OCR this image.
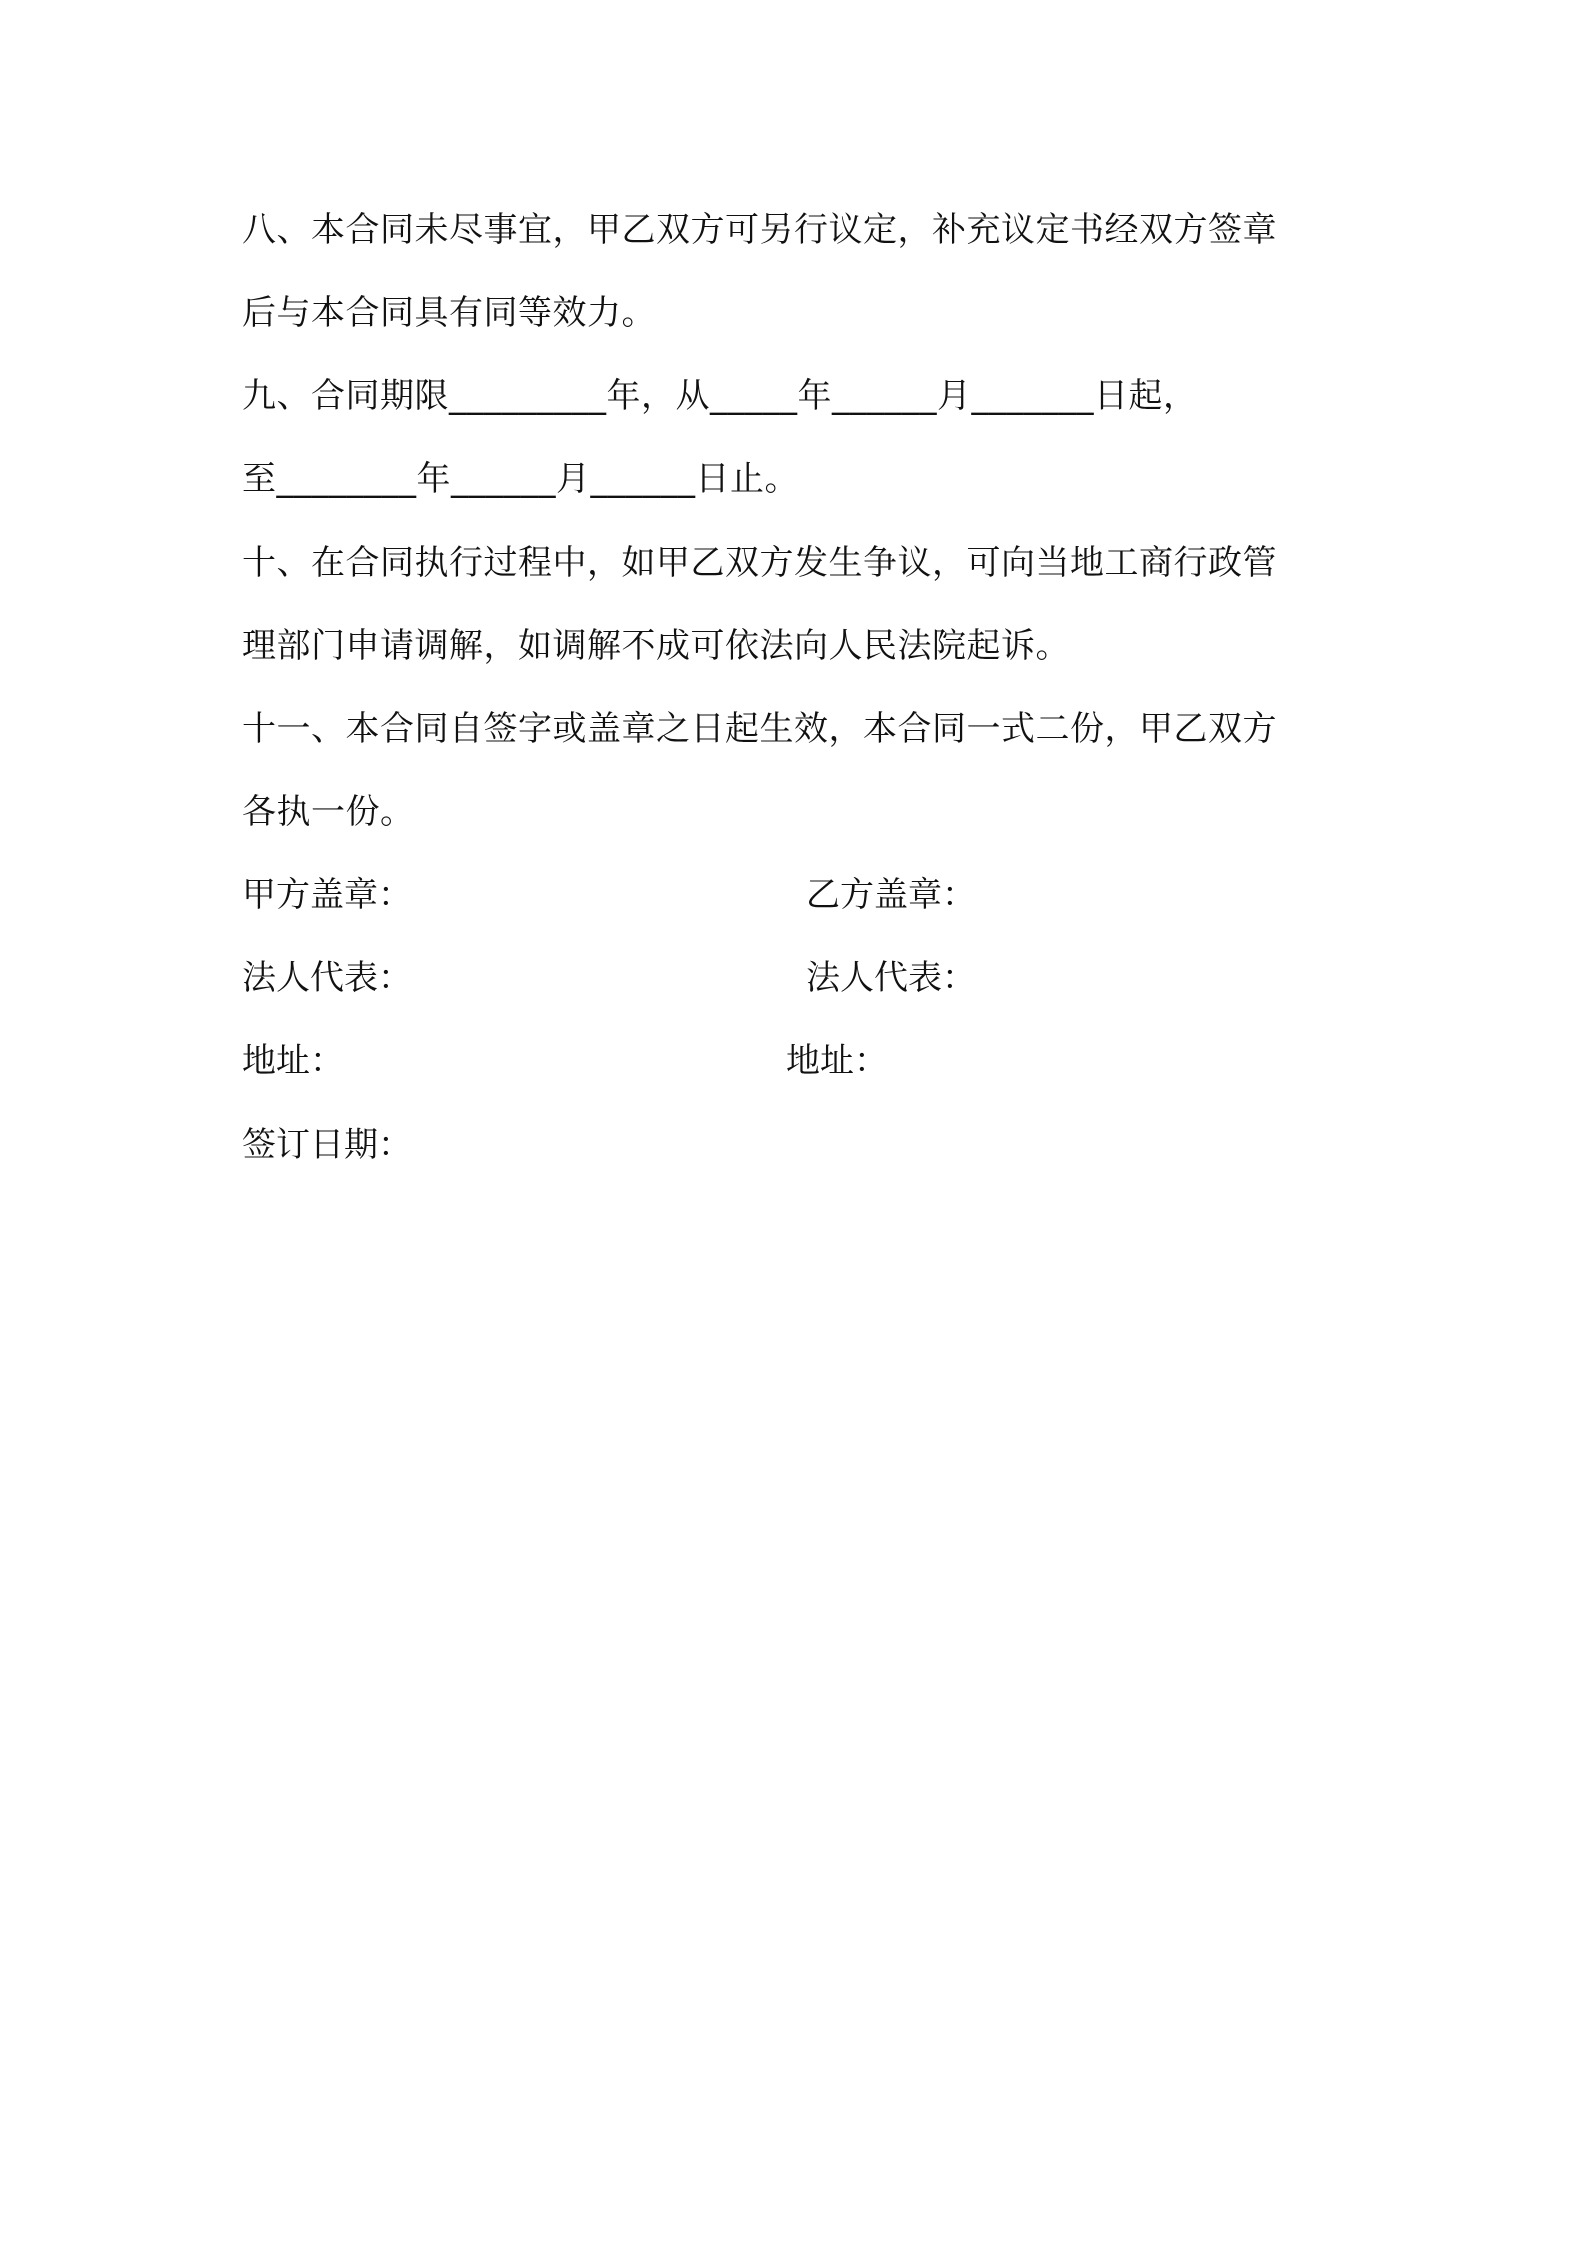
八、本合同未尽事宜，甲乙双方可另行议定，补充议定书经双方签章
后与本合同具有同等效力。
九、合同期限_________年，从_____年______月_______日起，
至________年______月______日止。
十、在合同执行过程中，如甲乙双方发生争议，可向当地工商行政管
理部门申请调解，如调解不成可依法向人民法院起诉。
十一、本合同自签字或盖章之日起生效，本合同一式二份，甲乙双方
各执一份。
甲方盖章：	乙方盖章：
法人代表：	法人代表：
地址：	地址：
签订日期：
